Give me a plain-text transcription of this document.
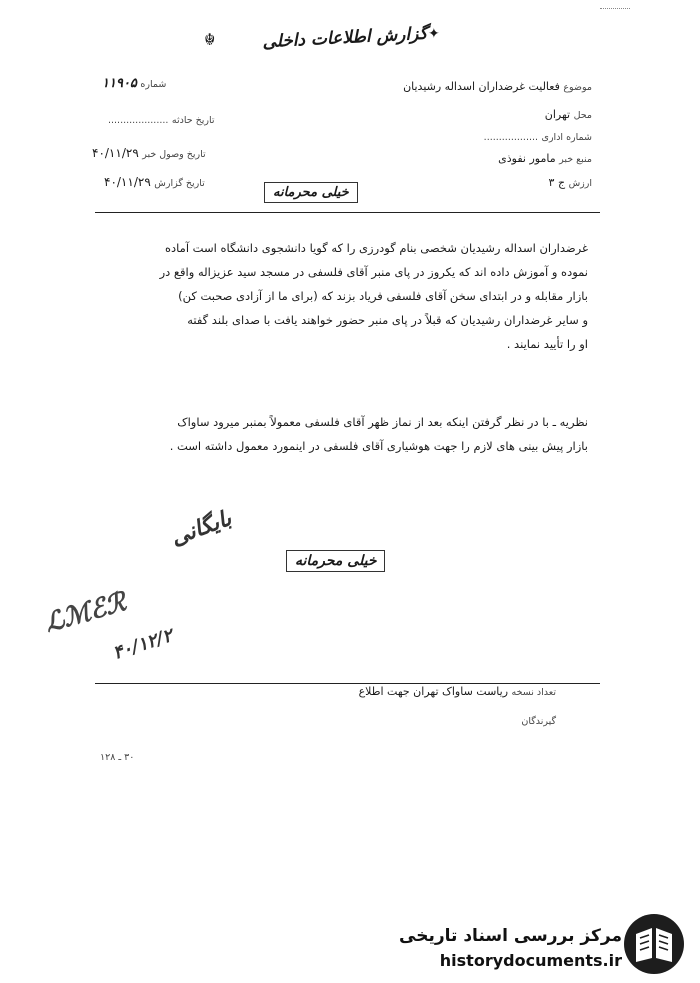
☬	گزارش اطلاعات داخلی ✦
شماره ۱۱۹۰۵
تاریخ حادثه ....................
تاریخ وصول خبر ۴۰/۱۱/۲۹
تاریخ گزارش ۴۰/۱۱/۲۹
موضوع فعالیت غرضداران اسداله رشیدیان
محل تهران
شماره اداری ..................
منبع خبر مامور نفوذی
ارزش ج ۳
خیلی محرمانه
غرضداران اسداله رشیدیان شخصی بنام گودرزی را که گویا دانشجوی دانشگاه است آماده
نموده و آموزش داده اند که یکروز در پای منبر آقای فلسفی در مسجد سید عزیزاله واقع در
بازار مقابله و در ابتدای سخن آقای فلسفی فریاد بزند که (برای ما از آزادی صحبت کن)
و سایر غرضداران رشیدیان که قبلاً در پای منبر حضور خواهند یافت با صدای بلند گفته
او را تأیید نمایند .
نظریه ـ با در نظر گرفتن اینکه بعد از نماز ظهر آقای فلسفی معمولاً بمنبر میرود ساواک
بازار پیش بینی های لازم را جهت هوشیاری آقای فلسفی در اینمورد معمول داشته است .
بایگانی
ℒℳℰℛ
۴۰/۱۲/۲
خیلی محرمانه
تعداد نسخه ریاست ساواک تهران جهت اطلاع
گیرندگان
۳۰ ـ ۱۲۸
مرکز بررسی اسناد تاریخی
historydocuments.ir
